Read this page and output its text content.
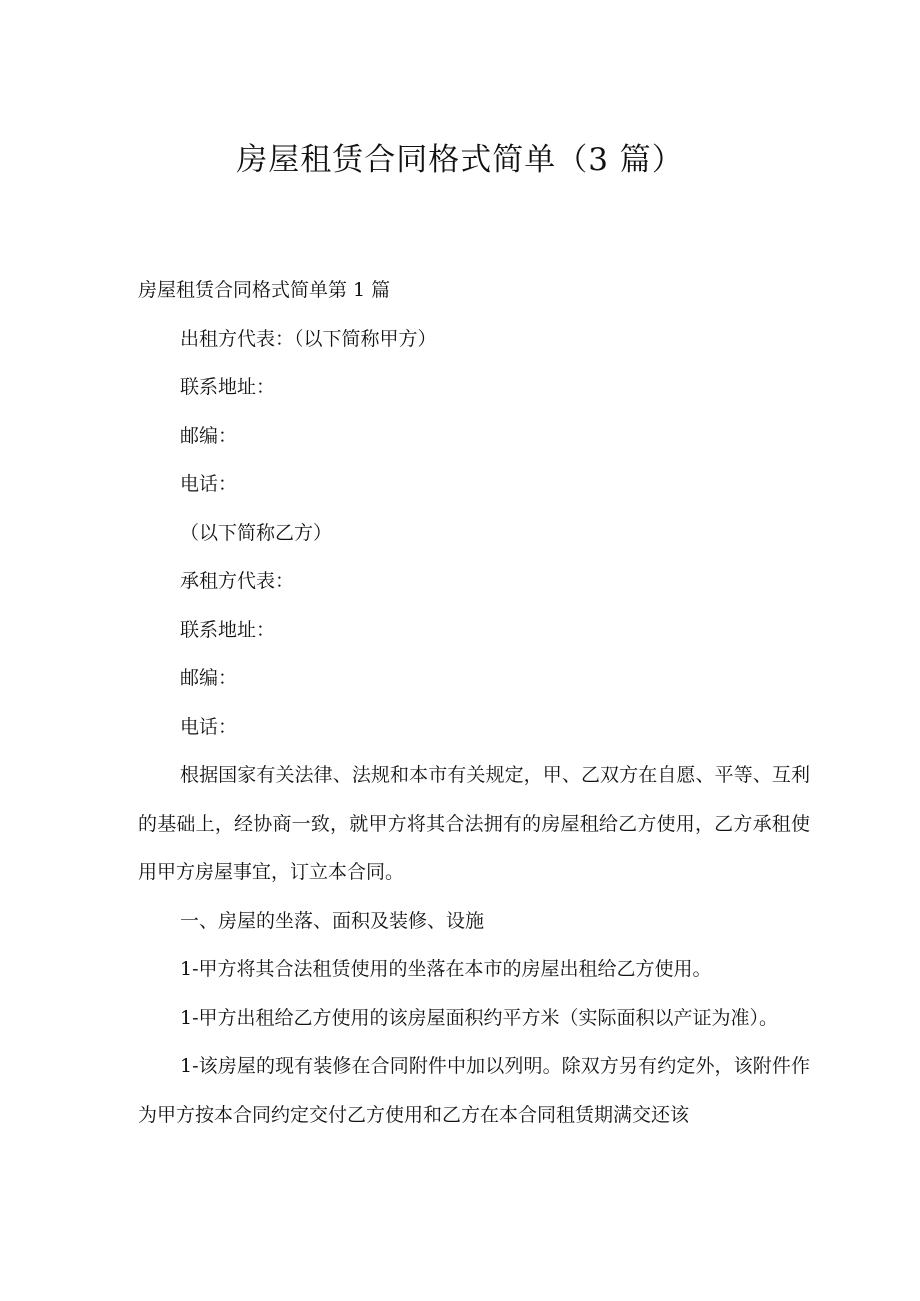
房屋租赁合同格式简单（3 篇）

房屋租赁合同格式简单第 1 篇

出租方代表：（以下简称甲方）

联系地址：

邮编：

电话：

（以下简称乙方）

承租方代表：

联系地址：

邮编：

电话：

根据国家有关法律、法规和本市有关规定，甲、乙双方在自愿、平等、互利的基础上，经协商一致，就甲方将其合法拥有的房屋租给乙方使用，乙方承租使用甲方房屋事宜，订立本合同。

一、房屋的坐落、面积及装修、设施

1-甲方将其合法租赁使用的坐落在本市的房屋出租给乙方使用。

1-甲方出租给乙方使用的该房屋面积约平方米（实际面积以产证为准）。

1-该房屋的现有装修在合同附件中加以列明。除双方另有约定外，该附件作为甲方按本合同约定交付乙方使用和乙方在本合同租赁期满交还该
